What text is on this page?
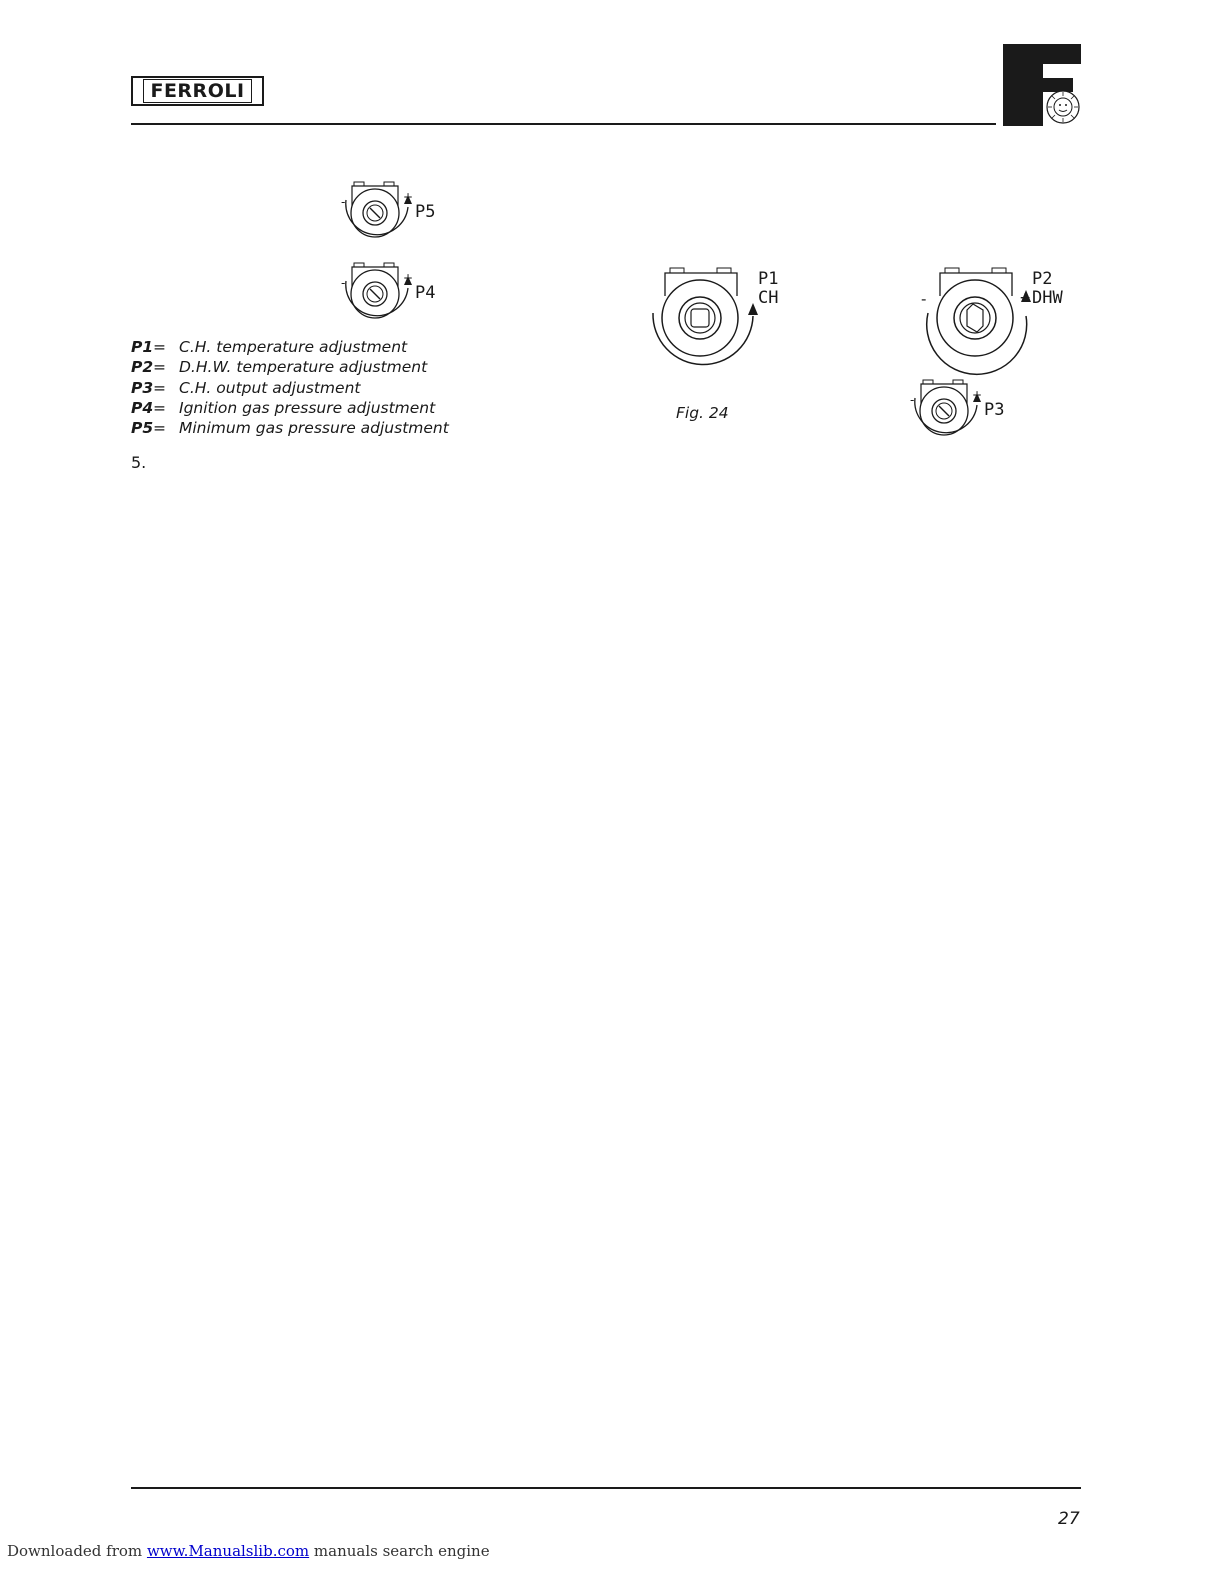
FERROLI
-	+
P5
-	+
P4
P1 = C.H. temperature adjustment
P2 = D.H.W. temperature adjustment
P3 = C.H. output adjustment
P4 = Ignition gas pressure adjustment
P5 = Minimum gas pressure adjustment
5.
P1
CH
Fig. 24
-
P2
+ DHW
-	+
P3
27
Downloaded from www.Manualslib.com manuals search engine
